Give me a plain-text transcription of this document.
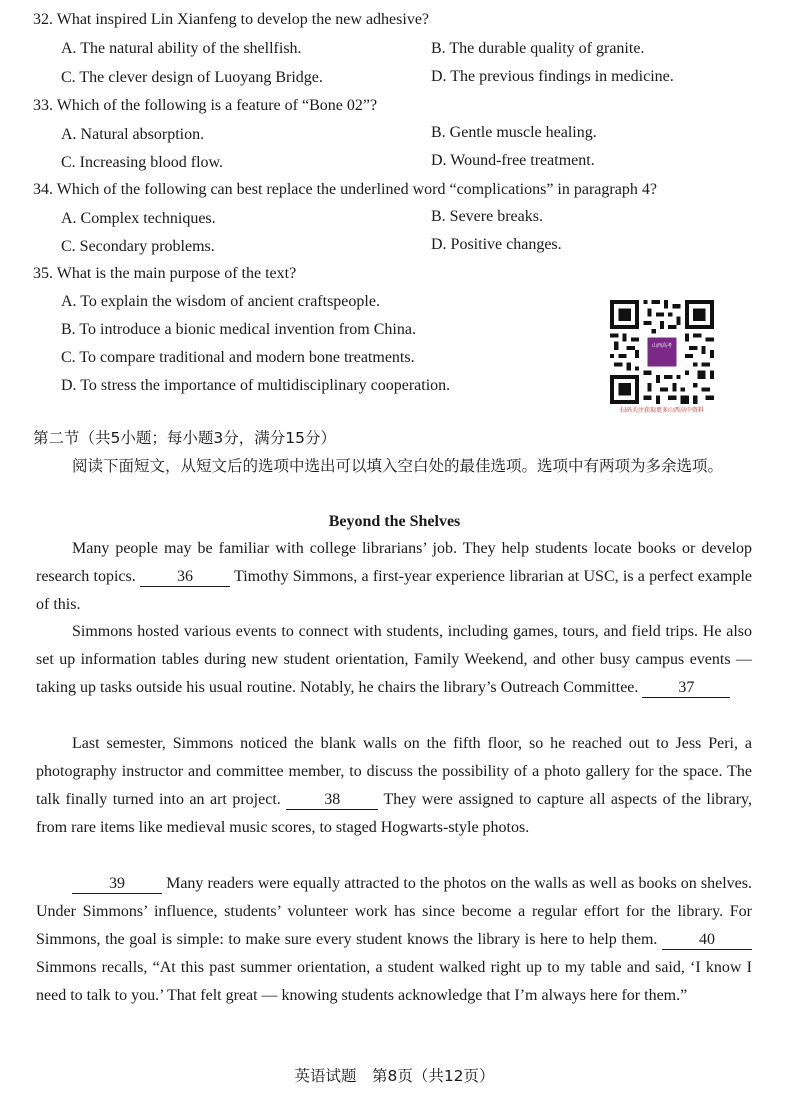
32. What inspired Lin Xianfeng to develop the new adhesive?
A. The natural ability of the shellfish.	B. The durable quality of granite.
C. The clever design of Luoyang Bridge.	D. The previous findings in medicine.
33. Which of the following is a feature of “Bone 02”?
A. Natural absorption.	B. Gentle muscle healing.
C. Increasing blood flow.	D. Wound-free treatment.
34. Which of the following can best replace the underlined word “complications” in paragraph 4?
A. Complex techniques.	B. Severe breaks.
C. Secondary problems.	D. Positive changes.
35. What is the main purpose of the text?
A. To explain the wisdom of ancient craftspeople.
B. To introduce a bionic medical invention from China.
C. To compare traditional and modern bone treatments.
D. To stress the importance of multidisciplinary cooperation.
山西高考
扫码关注获取更多山西高中资料
第二节（共5小题；每小题3分，满分15分）
阅读下面短文，从短文后的选项中选出可以填入空白处的最佳选项。选项中有两项为多余选项。
Beyond the Shelves
Many people may be familiar with college librarians’ job. They help students locate books or develop research topics. 36 Timothy Simmons, a first-year experience librarian at USC, is a perfect example of this.
Simmons hosted various events to connect with students, including games, tours, and field trips. He also set up information tables during new student orientation, Family Weekend, and other busy campus events — taking up tasks outside his usual routine. Notably, he chairs the library’s Outreach Committee. 37
Last semester, Simmons noticed the blank walls on the fifth floor, so he reached out to Jess Peri, a photography instructor and committee member, to discuss the possibility of a photo gallery for the space. The talk finally turned into an art project. 38 They were assigned to capture all aspects of the library, from rare items like medieval music scores, to staged Hogwarts-style photos.
39 Many readers were equally attracted to the photos on the walls as well as books on shelves. Under Simmons’ influence, students’ volunteer work has since become a regular effort for the library. For Simmons, the goal is simple: to make sure every student knows the library is here to help them. 40 Simmons recalls, “At this past summer orientation, a student walked right up to my table and said, ‘I know I need to talk to you.’ That felt great — knowing students acknowledge that I’m always here for them.”
英语试题　第8页（共12页）
